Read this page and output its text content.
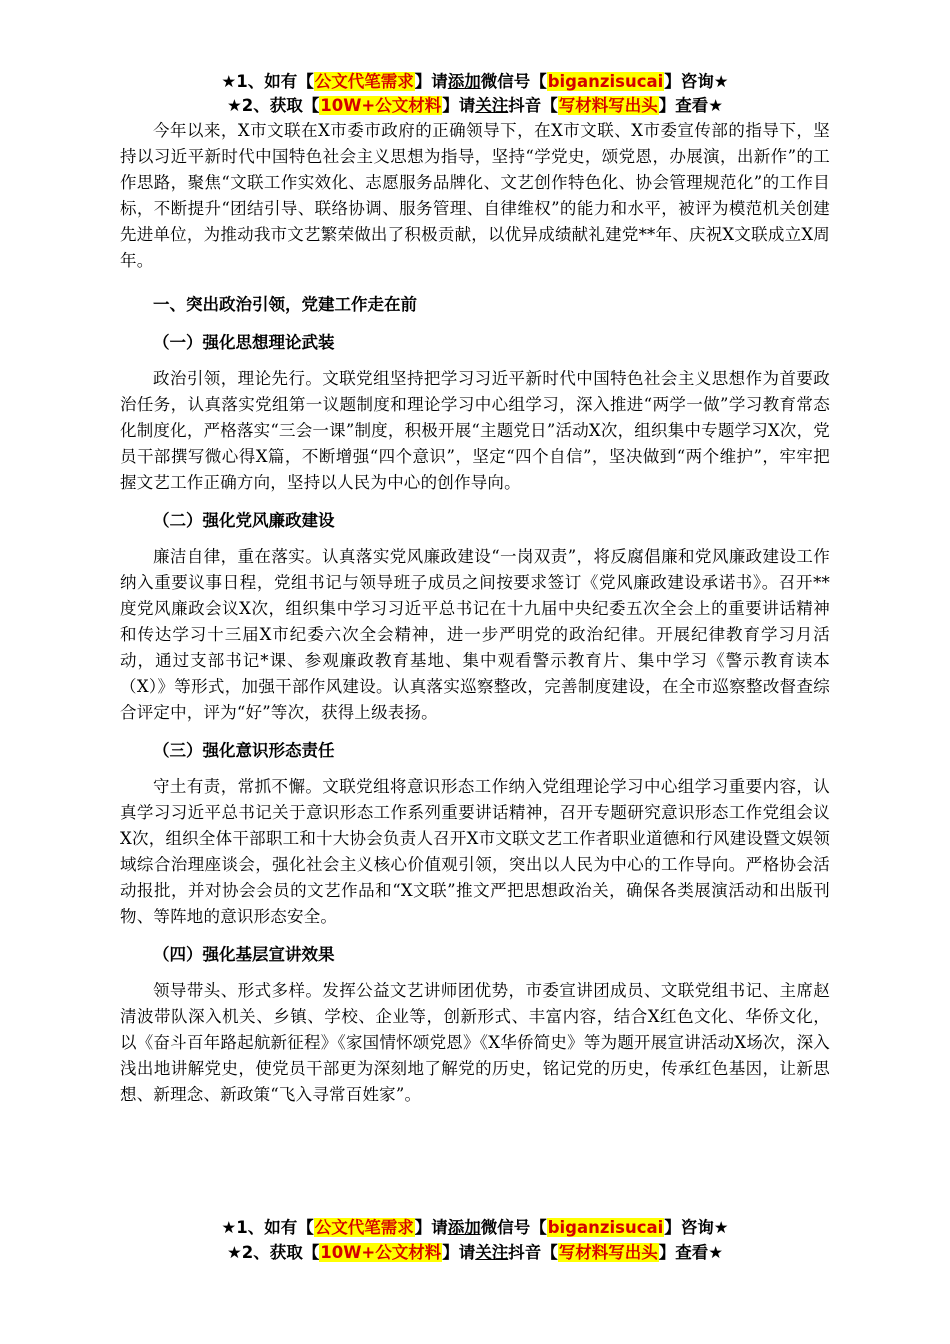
★1、如有【公文代笔需求】请添加微信号【biganzisucai】咨询★
★2、获取【10W+公文材料】请关注抖音【写材料写出头】查看★

今年以来，X市文联在X市委市政府的正确领导下，在X市文联、X市委宣传部的指导下，坚持以习近平新时代中国特色社会主义思想为指导，坚持“学党史，颂党恩，办展演，出新作”的工作思路，聚焦“文联工作实效化、志愿服务品牌化、文艺创作特色化、协会管理规范化”的工作目标，不断提升“团结引导、联络协调、服务管理、自律维权”的能力和水平，被评为模范机关创建先进单位，为推动我市文艺繁荣做出了积极贡献，以优异成绩献礼建党**年、庆祝X文联成立X周年。

一、突出政治引领，党建工作走在前

（一）强化思想理论武装

政治引领，理论先行。文联党组坚持把学习习近平新时代中国特色社会主义思想作为首要政治任务，认真落实党组第一议题制度和理论学习中心组学习，深入推进“两学一做”学习教育常态化制度化，严格落实“三会一课”制度，积极开展“主题党日”活动X次，组织集中专题学习X次，党员干部撰写微心得X篇，不断增强“四个意识”，坚定“四个自信”，坚决做到“两个维护”，牢牢把握文艺工作正确方向，坚持以人民为中心的创作导向。

（二）强化党风廉政建设

廉洁自律，重在落实。认真落实党风廉政建设“一岗双责”，将反腐倡廉和党风廉政建设工作纳入重要议事日程，党组书记与领导班子成员之间按要求签订《党风廉政建设承诺书》。召开**度党风廉政会议X次，组织集中学习习近平总书记在十九届中央纪委五次全会上的重要讲话精神和传达学习十三届X市纪委六次全会精神，进一步严明党的政治纪律。开展纪律教育学习月活动，通过支部书记*课、参观廉政教育基地、集中观看警示教育片、集中学习《警示教育读本（X）》等形式，加强干部作风建设。认真落实巡察整改，完善制度建设，在全市巡察整改督查综合评定中，评为“好”等次，获得上级表扬。

（三）强化意识形态责任

守土有责，常抓不懈。文联党组将意识形态工作纳入党组理论学习中心组学习重要内容，认真学习习近平总书记关于意识形态工作系列重要讲话精神，召开专题研究意识形态工作党组会议X次，组织全体干部职工和十大协会负责人召开X市文联文艺工作者职业道德和行风建设暨文娱领域综合治理座谈会，强化社会主义核心价值观引领，突出以人民为中心的工作导向。严格协会活动报批，并对协会会员的文艺作品和“X文联”推文严把思想政治关，确保各类展演活动和出版刊物、等阵地的意识形态安全。

（四）强化基层宣讲效果

领导带头、形式多样。发挥公益文艺讲师团优势，市委宣讲团成员、文联党组书记、主席赵清波带队深入机关、乡镇、学校、企业等，创新形式、丰富内容，结合X红色文化、华侨文化，以《奋斗百年路起航新征程》《家国情怀颂党恩》《X华侨简史》等为题开展宣讲活动X场次，深入浅出地讲解党史，使党员干部更为深刻地了解党的历史，铭记党的历史，传承红色基因，让新思想、新理念、新政策“飞入寻常百姓家”。

★1、如有【公文代笔需求】请添加微信号【biganzisucai】咨询★
★2、获取【10W+公文材料】请关注抖音【写材料写出头】查看★
